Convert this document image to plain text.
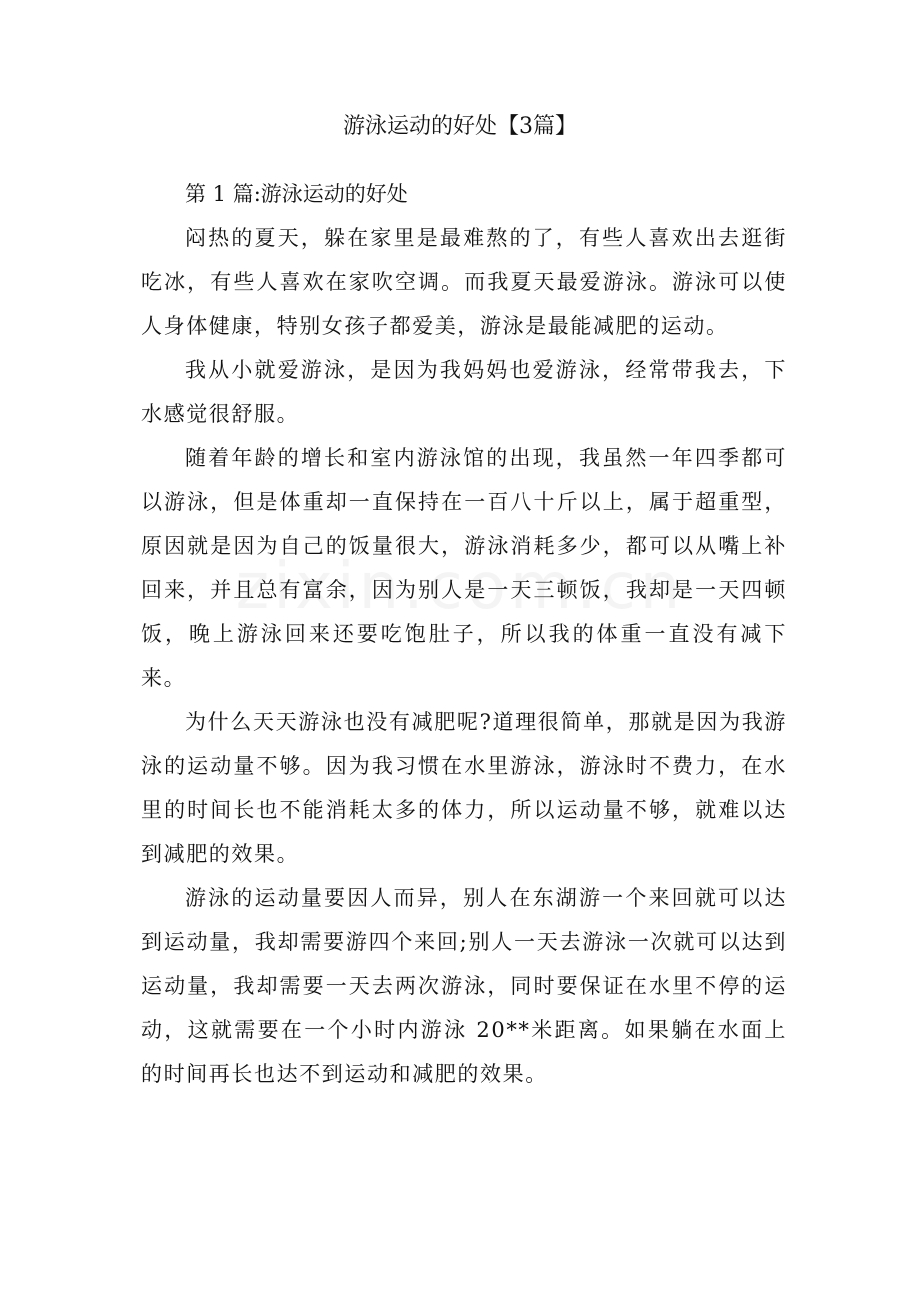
游泳运动的好处【3篇】

第 1 篇:游泳运动的好处

闷热的夏天，躲在家里是最难熬的了，有些人喜欢出去逛街吃冰，有些人喜欢在家吹空调。而我夏天最爱游泳。游泳可以使人身体健康，特别女孩子都爱美，游泳是最能减肥的运动。

我从小就爱游泳，是因为我妈妈也爱游泳，经常带我去，下水感觉很舒服。

随着年龄的增长和室内游泳馆的出现，我虽然一年四季都可以游泳，但是体重却一直保持在一百八十斤以上，属于超重型，原因就是因为自己的饭量很大，游泳消耗多少，都可以从嘴上补回来，并且总有富余，因为别人是一天三顿饭，我却是一天四顿饭，晚上游泳回来还要吃饱肚子，所以我的体重一直没有减下来。

为什么天天游泳也没有减肥呢?道理很简单，那就是因为我游泳的运动量不够。因为我习惯在水里游泳，游泳时不费力，在水里的时间长也不能消耗太多的体力，所以运动量不够，就难以达到减肥的效果。

游泳的运动量要因人而异，别人在东湖游一个来回就可以达到运动量，我却需要游四个来回;别人一天去游泳一次就可以达到运动量，我却需要一天去两次游泳，同时要保证在水里不停的运动，这就需要在一个小时内游泳 20**米距离。如果躺在水面上的时间再长也达不到运动和减肥的效果。
